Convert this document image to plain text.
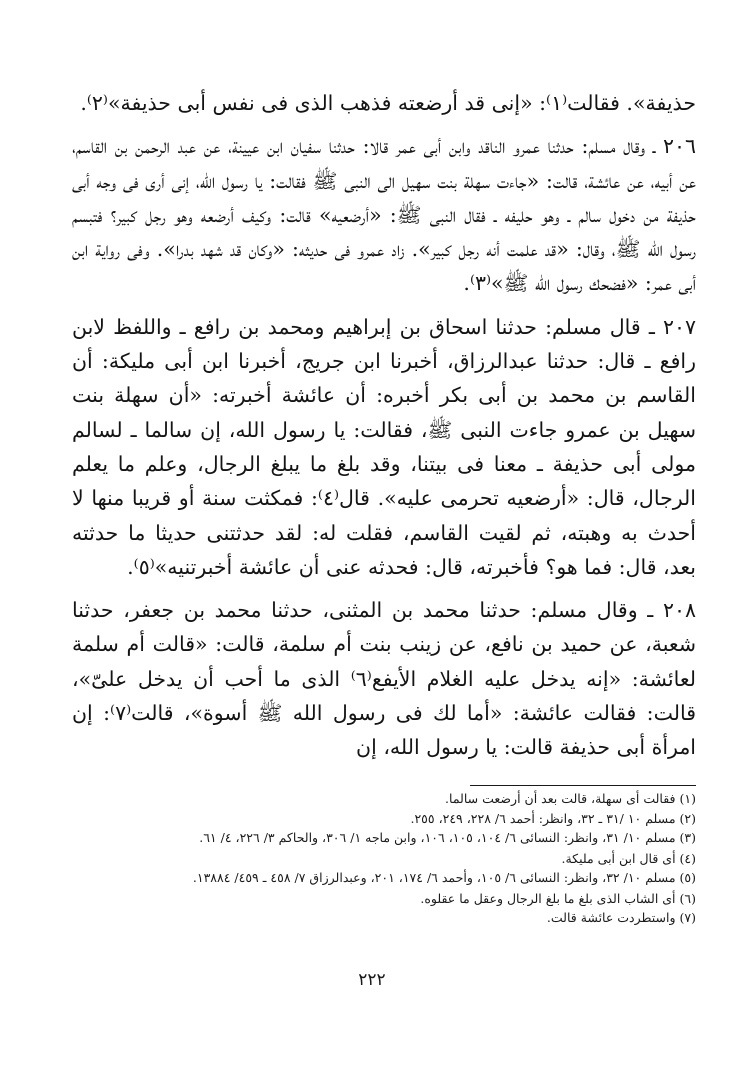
حذيفة». فقالت⁽١⁾: «إنى قد أرضعته فذهب الذى فى نفس أبى حذيفة»⁽٢⁾.

٢٠٦ ـ وقال مسلم: حدثنا عمرو الناقد وابن أبى عمر قالا: حدثنا سفيان ابن عيينة، عن عبد الرحمن بن القاسم، عن أبيه، عن عائشة، قالت: «جاءت سهلة بنت سهيل الى النبى ﷺ فقالت: يا رسول الله، إنى أرى فى وجه أبى حذيفة من دخول سالم ـ وهو حليفه ـ فقال النبى ﷺ: «أرضعيه» قالت: وكيف أرضعه وهو رجل كبير؟ فتبسم رسول الله ﷺ، وقال: «قد علمت أنه رجل كبير». زاد عمرو فى حديثه: «وكان قد شهد بدرا». وفى رواية ابن أبى عمر: «فضحك رسول الله ﷺ»⁽٣⁾.

٢٠٧ ـ قال مسلم: حدثنا اسحاق بن إبراهيم ومحمد بن رافع ـ واللفظ لابن رافع ـ قال: حدثنا عبدالرزاق، أخبرنا ابن جريج، أخبرنا ابن أبى مليكة: أن القاسم بن محمد بن أبى بكر أخبره: أن عائشة أخبرته: «أن سهلة بنت سهيل بن عمرو جاءت النبى ﷺ، فقالت: يا رسول الله، إن سالما ـ لسالم مولى أبى حذيفة ـ معنا فى بيتنا، وقد بلغ ما يبلغ الرجال، وعلم ما يعلم الرجال، قال: «أرضعيه تحرمى عليه». قال⁽٤⁾: فمكثت سنة أو قريبا منها لا أحدث به وهبته، ثم لقيت القاسم، فقلت له: لقد حدثتنى حديثا ما حدثته بعد، قال: فما هو؟ فأخبرته، قال: فحدثه عنى أن عائشة أخبرتنيه»⁽٥⁾.

٢٠٨ ـ وقال مسلم: حدثنا محمد بن المثنى، حدثنا محمد بن جعفر، حدثنا شعبة، عن حميد بن نافع، عن زينب بنت أم سلمة، قالت: «قالت أم سلمة لعائشة: «إنه يدخل عليه الغلام الأيفع⁽٦⁾ الذى ما أحب أن يدخل علىّ»، قالت: فقالت عائشة: «أما لك فى رسول الله ﷺ أسوة»، قالت⁽٧⁾: إن امرأة أبى حذيفة قالت: يا رسول الله، إن

(١) فقالت أى سهلة، قالت بعد أن أرضعت سالما.

(٢) مسلم ١٠ /٣١ ـ ٣٢، وانظر: أحمد ٦/ ٢٢٨، ٢٤٩، ٢٥٥.

(٣) مسلم ١٠/ ٣١، وانظر: النسائى ٦/ ١٠٤، ١٠٥، ١٠٦، وابن ماجه ١/ ٣٠٦، والحاكم ٣/ ٢٢٦، ٤/ ٦١.

(٤) أى قال ابن أبى مليكة.

(٥) مسلم ١٠/ ٣٢، وانظر: النسائى ٦/ ١٠٥، وأحمد ٦/ ١٧٤، ٢٠١، وعبدالرزاق ٧/ ٤٥٨ ـ ٤٥٩/ ١٣٨٨٤.

(٦) أى الشاب الذى بلغ ما بلغ الرجال وعقل ما عقلوه.

(٧) واستطردت عائشة قالت.

٢٢٢
